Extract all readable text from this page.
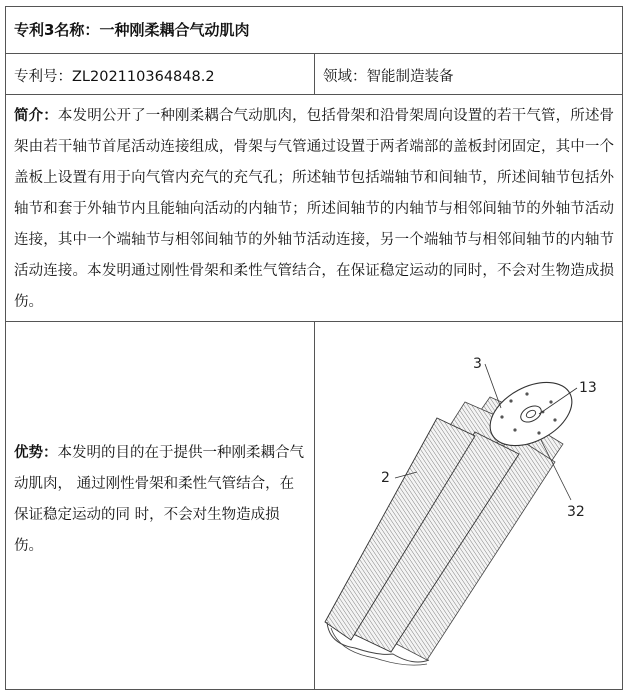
专利3名称：一种刚柔耦合气动肌肉
专利号：ZL202110364848.2	领域：智能制造装备
简介：本发明公开了一种刚柔耦合气动肌肉，包括骨架和沿骨架周向设置的若干气管，所述骨架由若干轴节首尾活动连接组成，骨架与气管通过设置于两者端部的盖板封闭固定，其中一个盖板上设置有用于向气管内充气的充气孔；所述轴节包括端轴节和间轴节，所述间轴节包括外轴节和套于外轴节内且能轴向活动的内轴节；所述间轴节的内轴节与相邻间轴节的外轴节活动连接，其中一个端轴节与相邻间轴节的外轴节活动连接，另一个端轴节与相邻间轴节的内轴节活动连接。本发明通过刚性骨架和柔性气管结合，在保证稳定运动的同时，不会对生物造成损伤。
优势：本发明的目的在于提供一种刚柔耦合气动肌肉， 通过刚性骨架和柔性气管结合，在保证稳定运动的同 时，不会对生物造成损伤。
3
13
2
32
